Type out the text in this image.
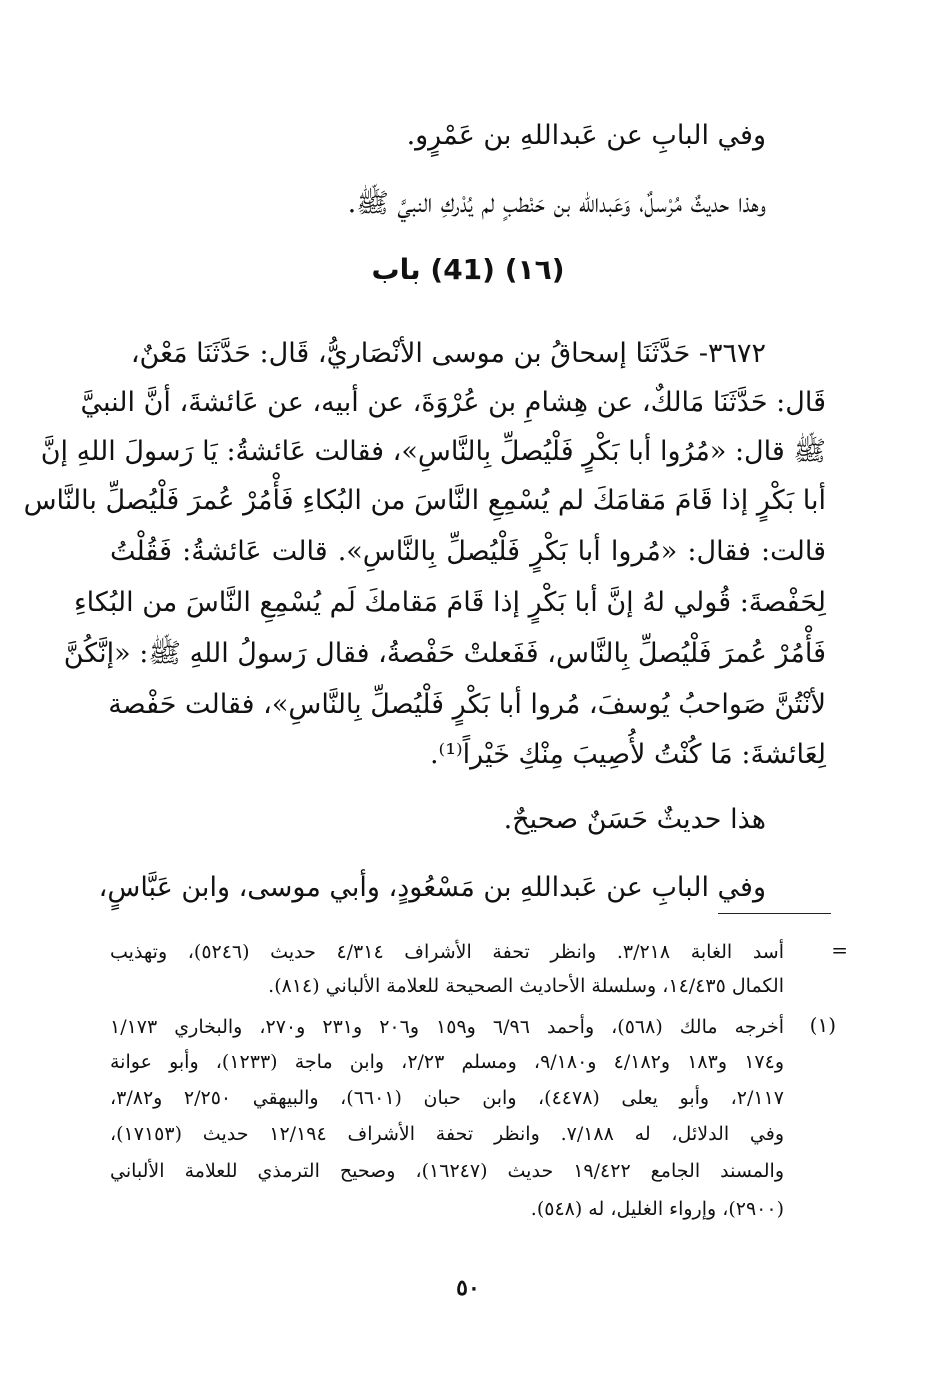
وفي البابِ عن عَبداللهِ بن عَمْرٍو.
وهذا حديثٌ مُرْسلٌ، وَعَبدالله بن حَنْطبٍ لم يُدْركِ النبيَّ ﷺ.
(١٦) (41) باب
٣٦٧٢- حَدَّثَنَا إسحاقُ بن موسى الأنْصَاريُّ، قَال: حَدَّثَنَا مَعْنٌ،
قَال: حَدَّثَنَا مَالكٌ، عن هِشامِ بن عُرْوَةَ، عن أبيه، عن عَائشةَ، أنَّ النبيَّ
ﷺ قال: «مُرُوا أبا بَكْرٍ فَلْيُصلِّ بِالنَّاسِ»، فقالت عَائشةُ: يَا رَسولَ اللهِ إنَّ
أبا بَكْرٍ إذا قَامَ مَقامَكَ لم يُسْمِعِ النَّاسَ من البُكاءِ فَأْمُرْ عُمرَ فَلْيُصلِّ بالنَّاس
قالت: فقال: «مُروا أبا بَكْرٍ فَلْيُصلِّ بِالنَّاسِ». قالت عَائشةُ: فَقُلْتُ
لِحَفْصةَ: قُولي لهُ إنَّ أبا بَكْرٍ إذا قَامَ مَقامكَ لَم يُسْمِعِ النَّاسَ من البُكاءِ
فَأْمُرْ عُمرَ فَلْيُصلِّ بِالنَّاس، فَفَعلتْ حَفْصةُ، فقال رَسولُ اللهِ ﷺ: «إنَّكُنَّ
لأنْتُنَّ صَواحبُ يُوسفَ، مُروا أبا بَكْرٍ فَلْيُصلِّ بِالنَّاسِ»، فقالت حَفْصة
لِعَائشةَ: مَا كُنْتُ لأُصِيبَ مِنْكِ خَيْراً⁽¹⁾.
هذا حديثٌ حَسَنٌ صحيحٌ.
وفي البابِ عن عَبداللهِ بن مَسْعُودٍ، وأبي موسى، وابن عَبَّاسٍ،
=
أسد الغابة ٣/٢١٨. وانظر تحفة الأشراف ٤/٣١٤ حديث (٥٢٤٦)، وتهذيب
الكمال ١٤/٤٣٥، وسلسلة الأحاديث الصحيحة للعلامة الألباني (٨١٤).
(١)
أخرجه مالك (٥٦٨)، وأحمد ٦/٩٦ و١٥٩ و٢٠٦ و٢٣١ و٢٧٠، والبخاري ١/١٧٣
و١٧٤ و١٨٣ و٤/١٨٢ و٩/١٨٠، ومسلم ٢/٢٣، وابن ماجة (١٢٣٣)، وأبو عوانة
٢/١١٧، وأبو يعلى (٤٤٧٨)، وابن حبان (٦٦٠١)، والبيهقي ٢/٢٥٠ و٣/٨٢،
وفي الدلائل، له ٧/١٨٨. وانظر تحفة الأشراف ١٢/١٩٤ حديث (١٧١٥٣)،
والمسند الجامع ١٩/٤٢٢ حديث (١٦٢٤٧)، وصحيح الترمذي للعلامة الألباني
(٢٩٠٠)، وإرواء الغليل، له (٥٤٨).
٥٠
